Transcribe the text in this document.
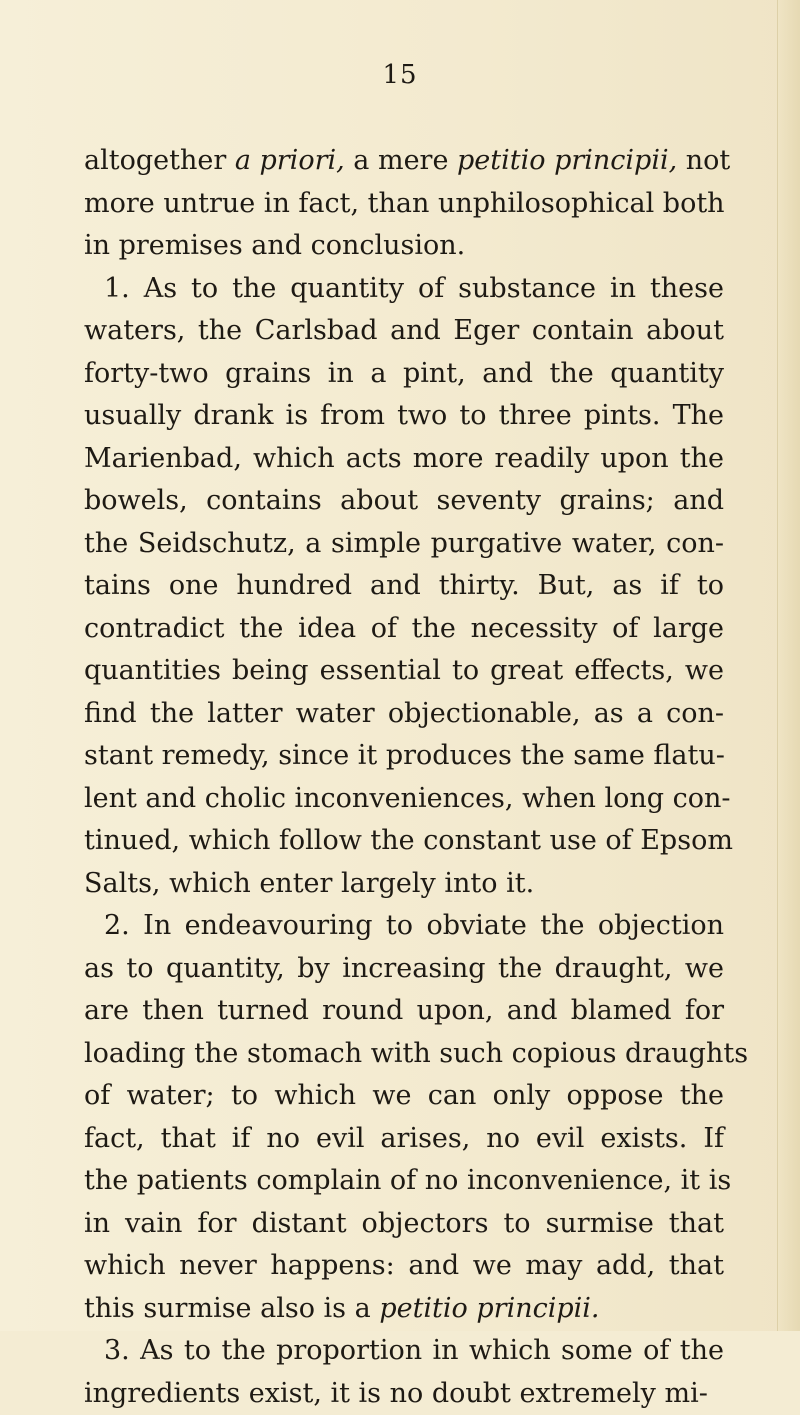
15
altogether a priori, a mere petitio principii, not
more untrue in fact, than unphilosophical both
in premises and conclusion.
1. As to the quantity of substance in these
waters, the Carlsbad and Eger contain about
forty-two grains in a pint, and the quantity
usually drank is from two to three pints. The
Marienbad, which acts more readily upon the
bowels, contains about seventy grains; and
the Seidschutz, a simple purgative water, con-
tains one hundred and thirty. But, as if to
contradict the idea of the necessity of large
quantities being essential to great effects, we
find the latter water objectionable, as a con-
stant remedy, since it produces the same flatu-
lent and cholic inconveniences, when long con-
tinued, which follow the constant use of Epsom
Salts, which enter largely into it.
2. In endeavouring to obviate the objection
as to quantity, by increasing the draught, we
are then turned round upon, and blamed for
loading the stomach with such copious draughts
of water; to which we can only oppose the
fact, that if no evil arises, no evil exists. If
the patients complain of no inconvenience, it is
in vain for distant objectors to surmise that
which never happens: and we may add, that
this surmise also is a petitio principii.
3. As to the proportion in which some of the
ingredients exist, it is no doubt extremely mi-
